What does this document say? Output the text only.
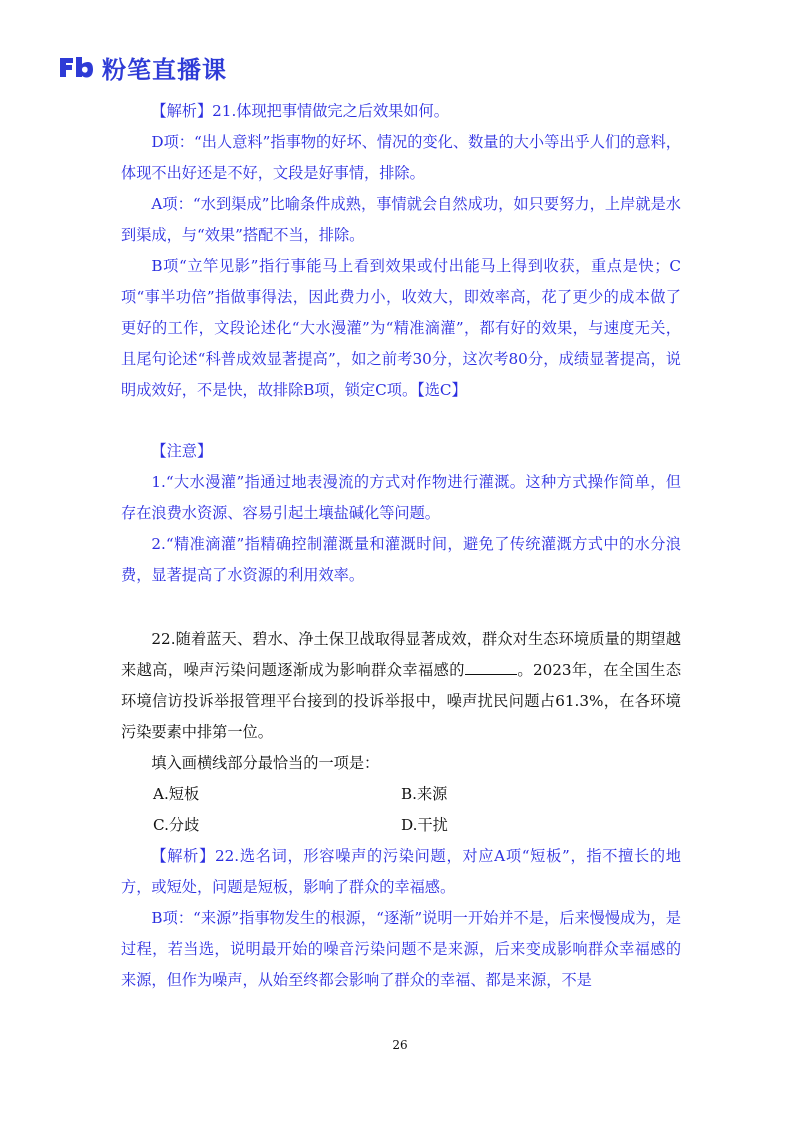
粉笔直播课

【解析】21.体现把事情做完之后效果如何。

D项：“出人意料”指事物的好坏、情况的变化、数量的大小等出乎人们的意料，体现不出好还是不好，文段是好事情，排除。

A项：“水到渠成”比喻条件成熟，事情就会自然成功，如只要努力，上岸就是水到渠成，与“效果”搭配不当，排除。

B项“立竿见影”指行事能马上看到效果或付出能马上得到收获，重点是快；C项“事半功倍”指做事得法，因此费力小，收效大，即效率高，花了更少的成本做了更好的工作，文段论述化“大水漫灌”为“精准滴灌”，都有好的效果，与速度无关，且尾句论述“科普成效显著提高”，如之前考30分，这次考80分，成绩显著提高，说明成效好，不是快，故排除B项，锁定C项。【选C】

【注意】

1.“大水漫灌”指通过地表漫流的方式对作物进行灌溉。这种方式操作简单，但存在浪费水资源、容易引起土壤盐碱化等问题。

2.“精准滴灌”指精确控制灌溉量和灌溉时间，避免了传统灌溉方式中的水分浪费，显著提高了水资源的利用效率。

22.随着蓝天、碧水、净土保卫战取得显著成效，群众对生态环境质量的期望越来越高，噪声污染问题逐渐成为影响群众幸福感的	。2023年，在全国生态环境信访投诉举报管理平台接到的投诉举报中，噪声扰民问题占61.3%，在各环境污染要素中排第一位。

填入画横线部分最恰当的一项是：

A.短板	B.来源
C.分歧	D.干扰

【解析】22.选名词，形容噪声的污染问题，对应A项“短板”，指不擅长的地方，或短处，问题是短板，影响了群众的幸福感。

B项：“来源”指事物发生的根源，“逐渐”说明一开始并不是，后来慢慢成为，是过程，若当选，说明最开始的噪音污染问题不是来源，后来变成影响群众幸福感的来源，但作为噪声，从始至终都会影响了群众的幸福、都是来源，不是

26
